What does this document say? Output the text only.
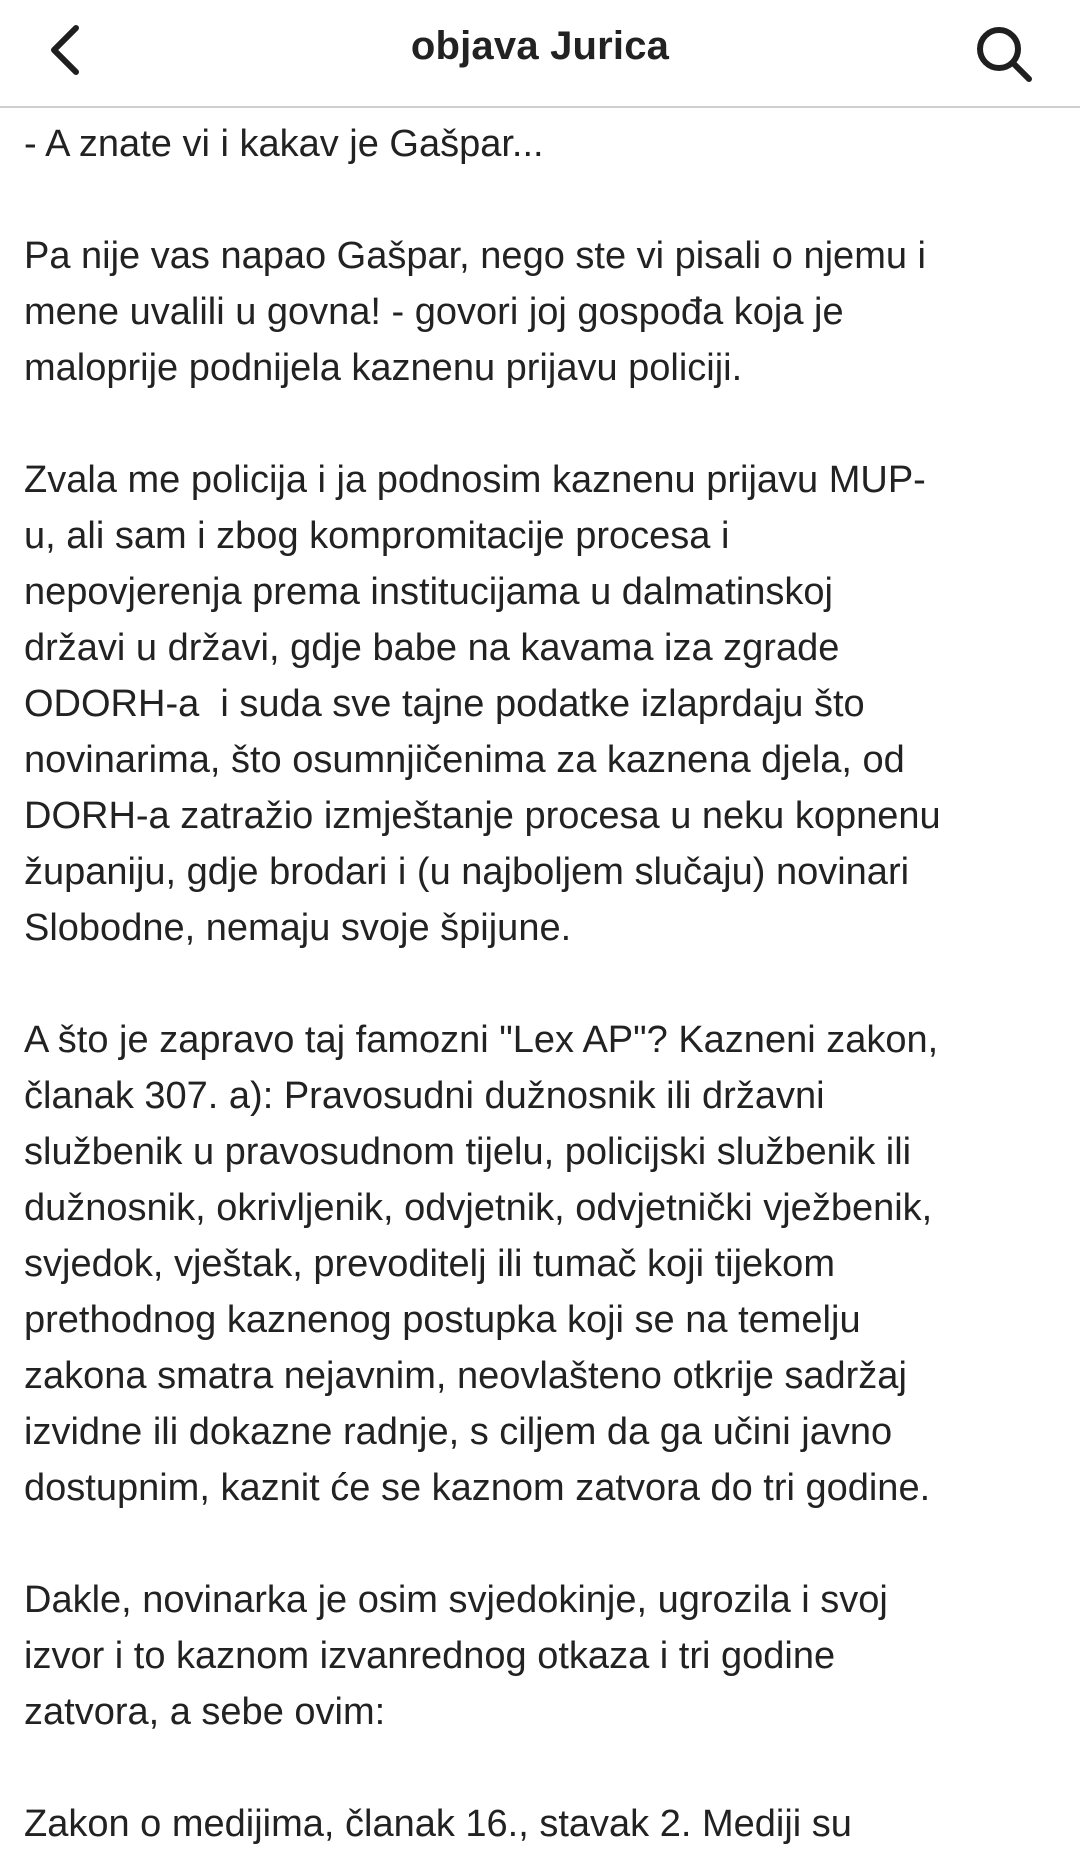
objava Jurica
- A znate vi i kakav je Gašpar...
Pa nije vas napao Gašpar, nego ste vi pisali o njemu i
mene uvalili u govna! - govori joj gospođa koja je
maloprije podnijela kaznenu prijavu policiji.
Zvala me policija i ja podnosim kaznenu prijavu MUP-
u, ali sam i zbog kompromitacije procesa i
nepovjerenja prema institucijama u dalmatinskoj
državi u državi, gdje babe na kavama iza zgrade
ODORH-a  i suda sve tajne podatke izlaprdaju što
novinarima, što osumnjičenima za kaznena djela, od
DORH-a zatražio izmještanje procesa u neku kopnenu
županiju, gdje brodari i (u najboljem slučaju) novinari
Slobodne, nemaju svoje špijune.
A što je zapravo taj famozni "Lex AP"? Kazneni zakon,
članak 307. a): Pravosudni dužnosnik ili državni
službenik u pravosudnom tijelu, policijski službenik ili
dužnosnik, okrivljenik, odvjetnik, odvjetnički vježbenik,
svjedok, vještak, prevoditelj ili tumač koji tijekom
prethodnog kaznenog postupka koji se na temelju
zakona smatra nejavnim, neovlašteno otkrije sadržaj
izvidne ili dokazne radnje, s ciljem da ga učini javno
dostupnim, kaznit će se kaznom zatvora do tri godine.
Dakle, novinarka je osim svjedokinje, ugrozila i svoj
izvor i to kaznom izvanrednog otkaza i tri godine
zatvora, a sebe ovim:
Zakon o medijima, članak 16., stavak 2. Mediji su
